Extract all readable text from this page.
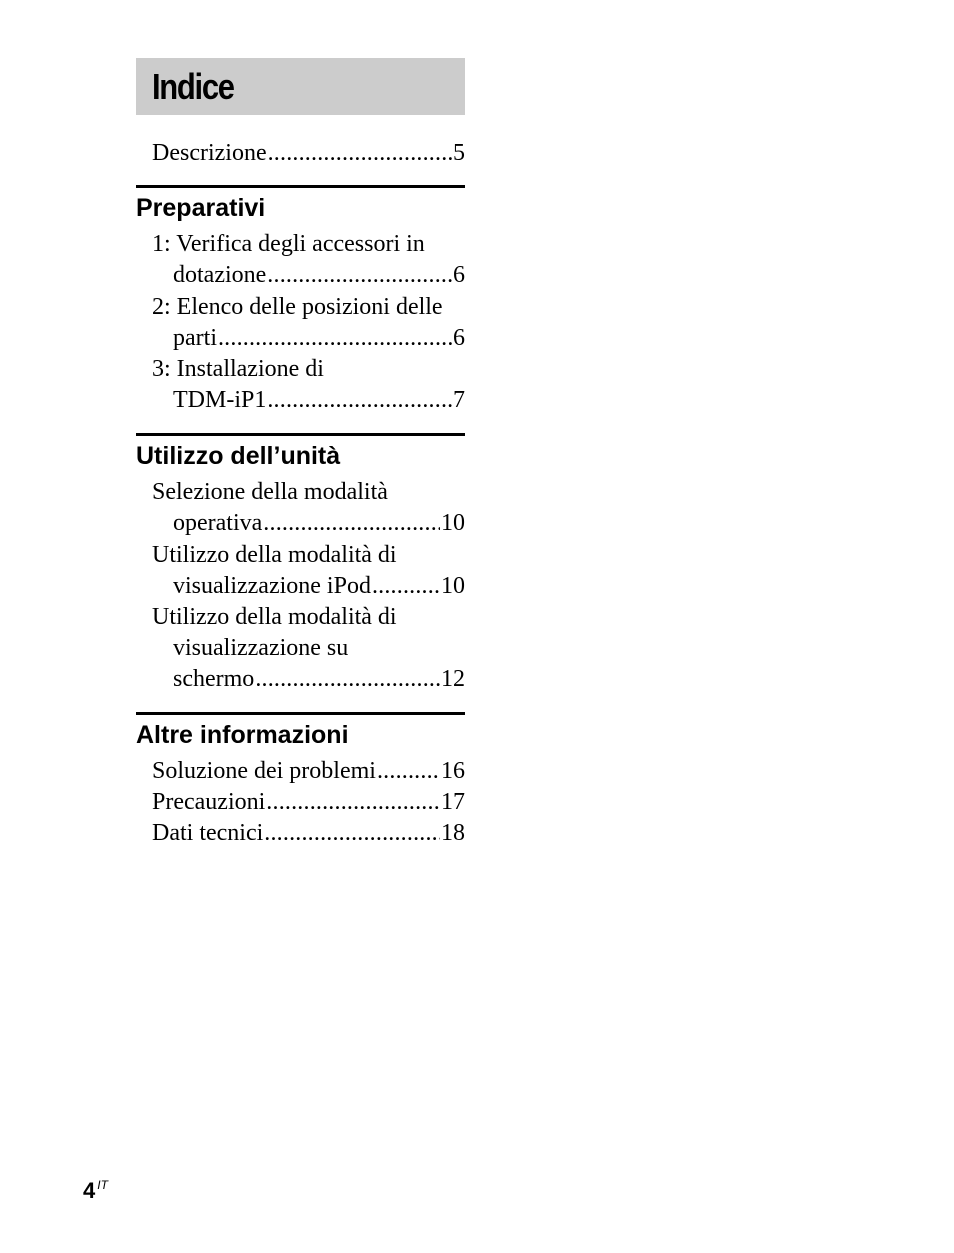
Indice
Descrizione .....	5
Preparativi
1: Verifica degli accessori in
dotazione .....	6
2: Elenco delle posizioni delle
parti .....	6
3: Installazione di
TDM-iP1 .....	7
Utilizzo dell’unità
Selezione della modalità
operativa .....	10
Utilizzo della modalità di
visualizzazione iPod .....	10
Utilizzo della modalità di
visualizzazione su
schermo .....	12
Altre informazioni
Soluzione dei problemi .....	16
Precauzioni .....	17
Dati tecnici .....	18
4 $^{IT}$
